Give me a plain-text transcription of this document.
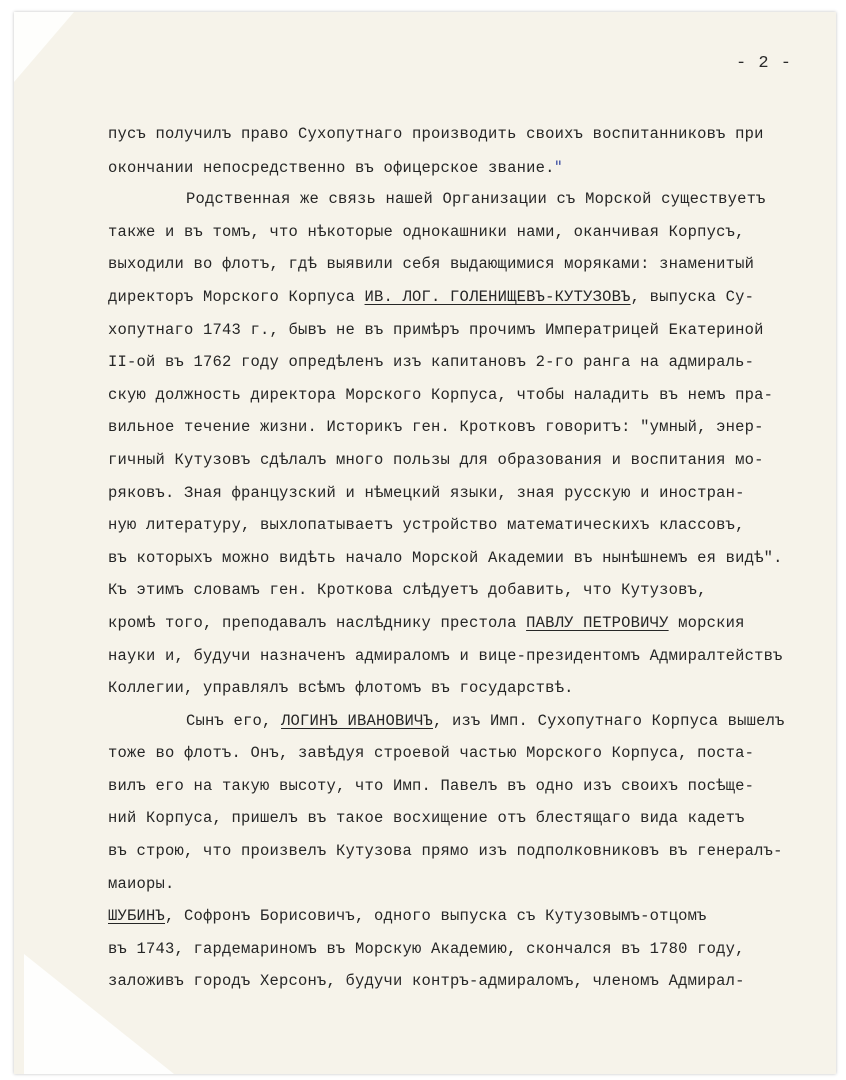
- 2 -
пусъ получилъ право Сухопутнаго производить своихъ воспитанниковъ при
окончании непосредственно въ офицерское звание."
Родственная же связь нашей Организации съ Морской существуетъ
также и въ томъ, что нѣкоторые однокашники нами, оканчивая Корпусъ,
выходили во флотъ, гдѣ выявили себя выдающимися моряками: знаменитый
директоръ Морского Корпуса ИВ. ЛОГ. ГОЛЕНИЩЕВЪ-КУТУЗОВЪ, выпуска Су-
хопутнаго 1743 г., бывъ не въ примѣръ прочимъ Императрицей Екатериной
II-ой въ 1762 году опредѣленъ изъ капитановъ 2-го ранга на адмираль-
скую должность директора Морского Корпуса, чтобы наладить въ немъ пра-
вильное течение жизни. Историкъ ген. Кротковъ говоритъ: "умный, энер-
гичный Кутузовъ сдѣлалъ много пользы для образования и воспитания мо-
ряковъ. Зная французский и нѣмецкий языки, зная русскую и иностран-
ную литературу, выхлопатываетъ устройство математическихъ классовъ,
въ которыхъ можно видѣть начало Морской Академии въ нынѣшнемъ ея видѣ".
Къ этимъ словамъ ген. Кроткова слѣдуетъ добавить, что Кутузовъ,
кромѣ того, преподавалъ наслѣднику престола ПАВЛУ ПЕТРОВИЧУ морския
науки и, будучи назначенъ адмираломъ и вице-президентомъ Адмиралтействъ
Коллегии, управлялъ всѣмъ флотомъ въ государствѣ.
Сынъ его, ЛОГИНЪ ИВАНОВИЧЪ, изъ Имп. Сухопутнаго Корпуса вышелъ
тоже во флотъ. Онъ, завѣдуя строевой частью Морского Корпуса, поста-
вилъ его на такую высоту, что Имп. Павелъ въ одно изъ своихъ посѣще-
ний Корпуса, пришелъ въ такое восхищение отъ блестящаго вида кадетъ
въ строю, что произвелъ Кутузова прямо изъ подполковниковъ въ генералъ-
маиоры.
ШУБИНЪ, Софронъ Борисовичъ, одного выпуска съ Кутузовымъ-отцомъ
въ 1743, гардемариномъ въ Морскую Академию, скончался въ 1780 году,
заложивъ городъ Херсонъ, будучи контръ-адмираломъ, членомъ Адмирал-
